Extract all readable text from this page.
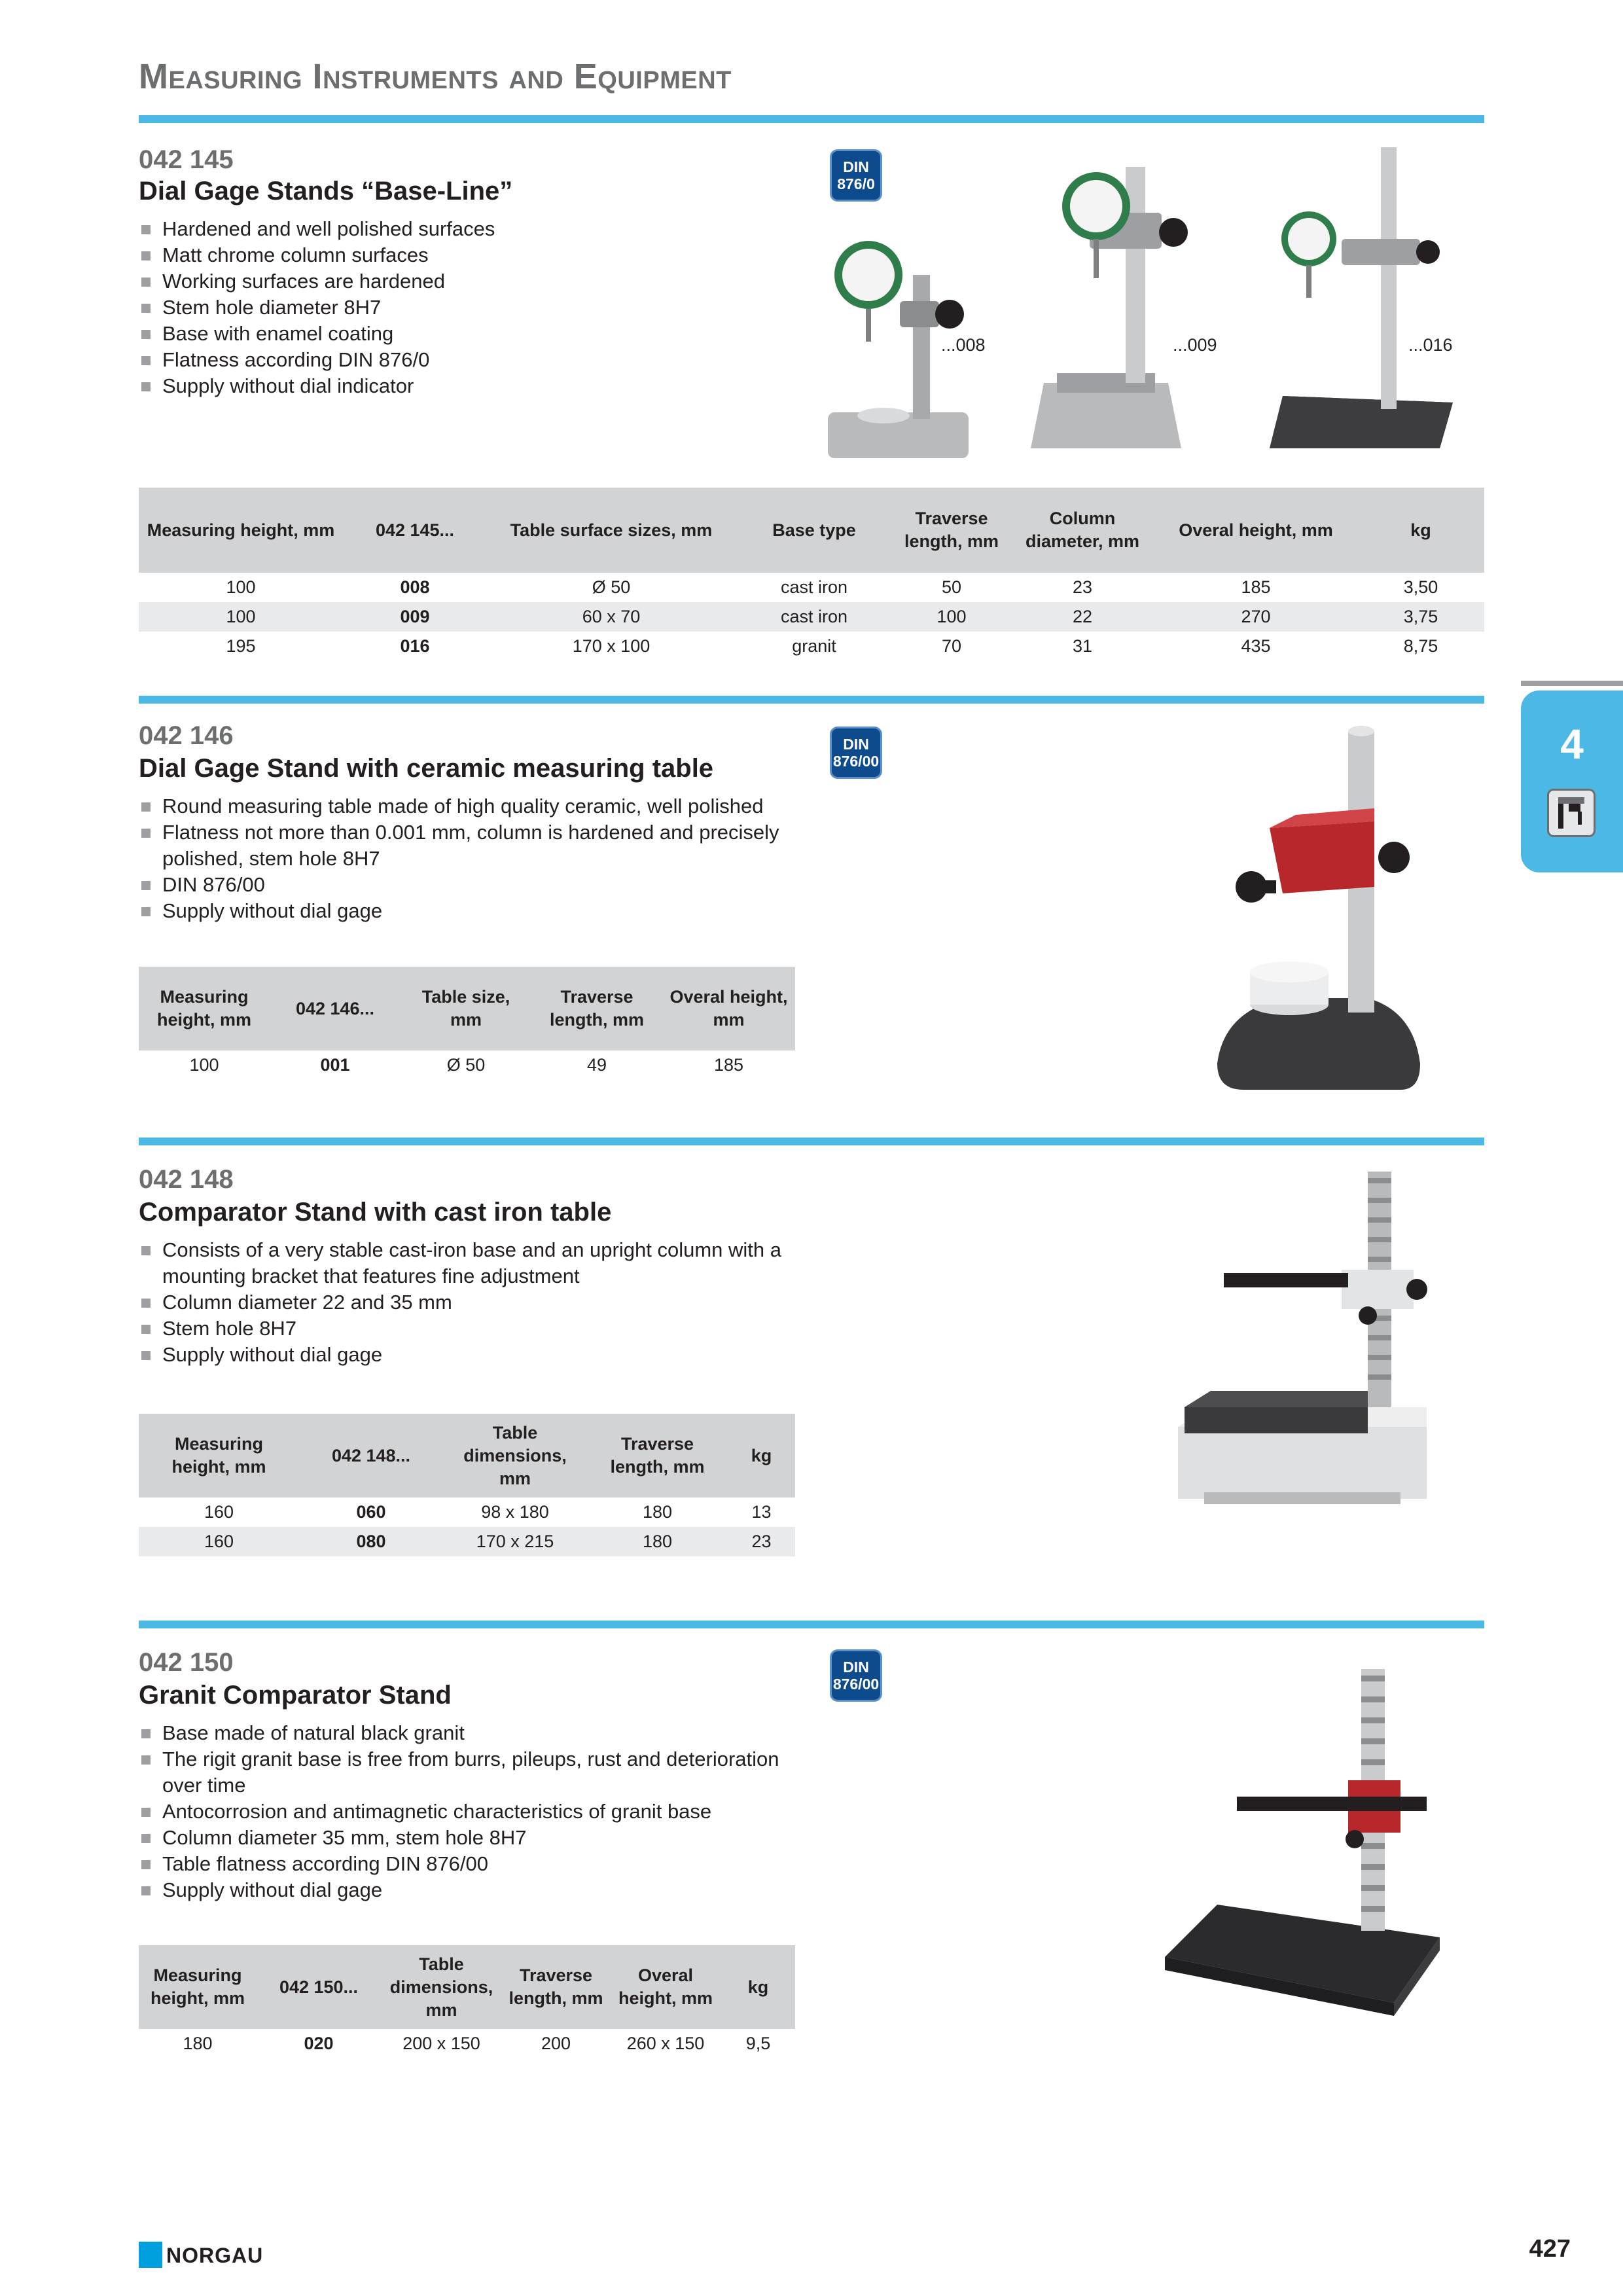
Measuring Instruments and Equipment
4
042 145
Dial Gage Stands “Base-Line”
Hardened and well polished surfaces
Matt chrome column surfaces
Working surfaces are hardened
Stem hole diameter 8H7
Base with enamel coating
Flatness according DIN 876/0
Supply without dial indicator
DIN
876/0
...008	...009	...016
Measuring height, mm	042 145...	Table surface sizes, mm	Base type	Traverse length, mm	Column diameter, mm	Overal height, mm	kg
100	008	Ø 50	cast iron	50	23	185	3,50
100	009	60 x 70	cast iron	100	22	270	3,75
195	016	170 x 100	granit	70	31	435	8,75
042 146
Dial Gage Stand with ceramic measuring table
Round measuring table made of high quality ceramic, well polished
Flatness not more than 0.001 mm, column is hardened and precisely polished, stem hole 8H7
DIN 876/00
Supply without dial gage
DIN
876/00
Measuring height, mm	042 146...	Table size, mm	Traverse length, mm	Overal height, mm
100	001	Ø 50	49	185
042 148
Comparator Stand with cast iron table
Consists of a very stable cast-iron base and an upright column with a mounting bracket that features fine adjustment
Column diameter 22 and 35 mm
Stem hole 8H7
Supply without dial gage
Measuring height, mm	042 148...	Table dimensions, mm	Traverse length, mm	kg
160	060	98 x 180	180	13
160	080	170 x 215	180	23
042 150
Granit Comparator Stand
Base made of natural black granit
The rigit granit base is free from burrs, pileups, rust and deterioration over time
Antocorrosion and antimagnetic characteristics of granit base
Column diameter 35 mm, stem hole 8H7
Table flatness according DIN 876/00
Supply without dial gage
DIN
876/00
Measuring height, mm	042 150...	Table dimensions, mm	Traverse length, mm	Overal height, mm	kg
180	020	200 x 150	200	260 x 150	9,5
NORGAU	427
